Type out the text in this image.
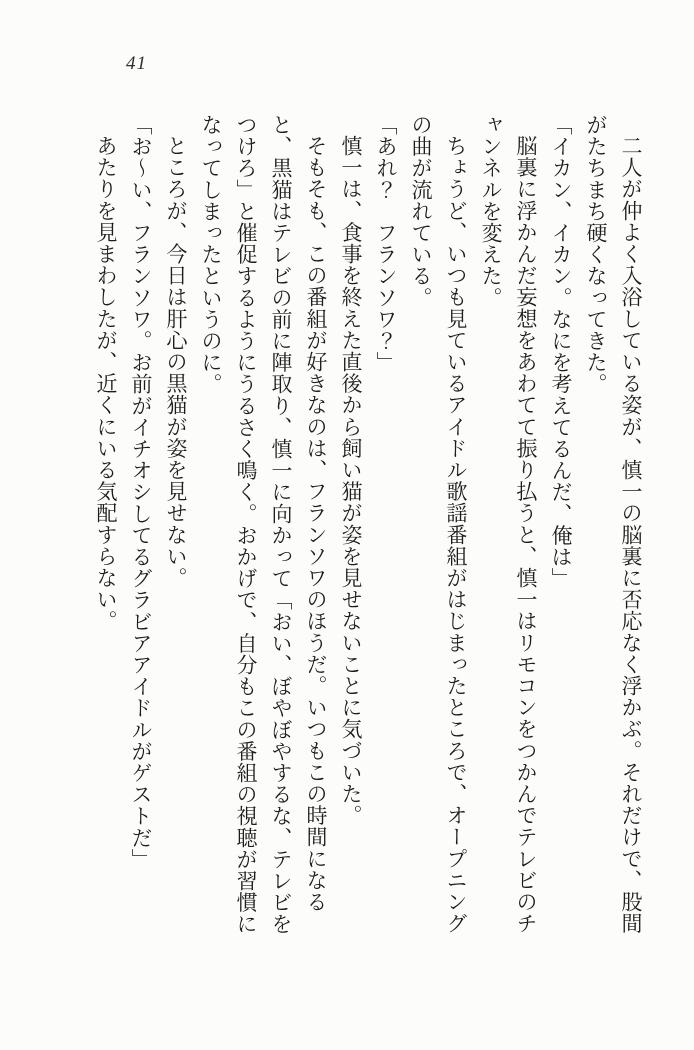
41

二人が仲よく入浴している姿が、慎一の脳裏に否応なく浮かぶ。それだけで、股間がたちまち硬くなってきた。

「イカン、イカン。なにを考えてるんだ、俺は」

脳裏に浮かんだ妄想をあわてて振り払うと、慎一はリモコンをつかんでテレビのチャンネルを変えた。

ちょうど、いつも見ているアイドル歌謡番組がはじまったところで、オープニングの曲が流れている。

「あれ？　フランソワ？」

慎一は、食事を終えた直後から飼い猫が姿を見せないことに気づいた。

そもそも、この番組が好きなのは、フランソワのほうだ。いつもこの時間になると、黒猫はテレビの前に陣取り、慎一に向かって「おい、ぼやぼやするな、テレビをつけろ」と催促するようにうるさく鳴く。おかげで、自分もこの番組の視聴が習慣になってしまったというのに。

ところが、今日は肝心の黒猫が姿を見せない。

「お～い、フランソワ。お前がイチオシしてるグラビアアイドルがゲストだ」

あたりを見まわしたが、近くにいる気配すらない。
